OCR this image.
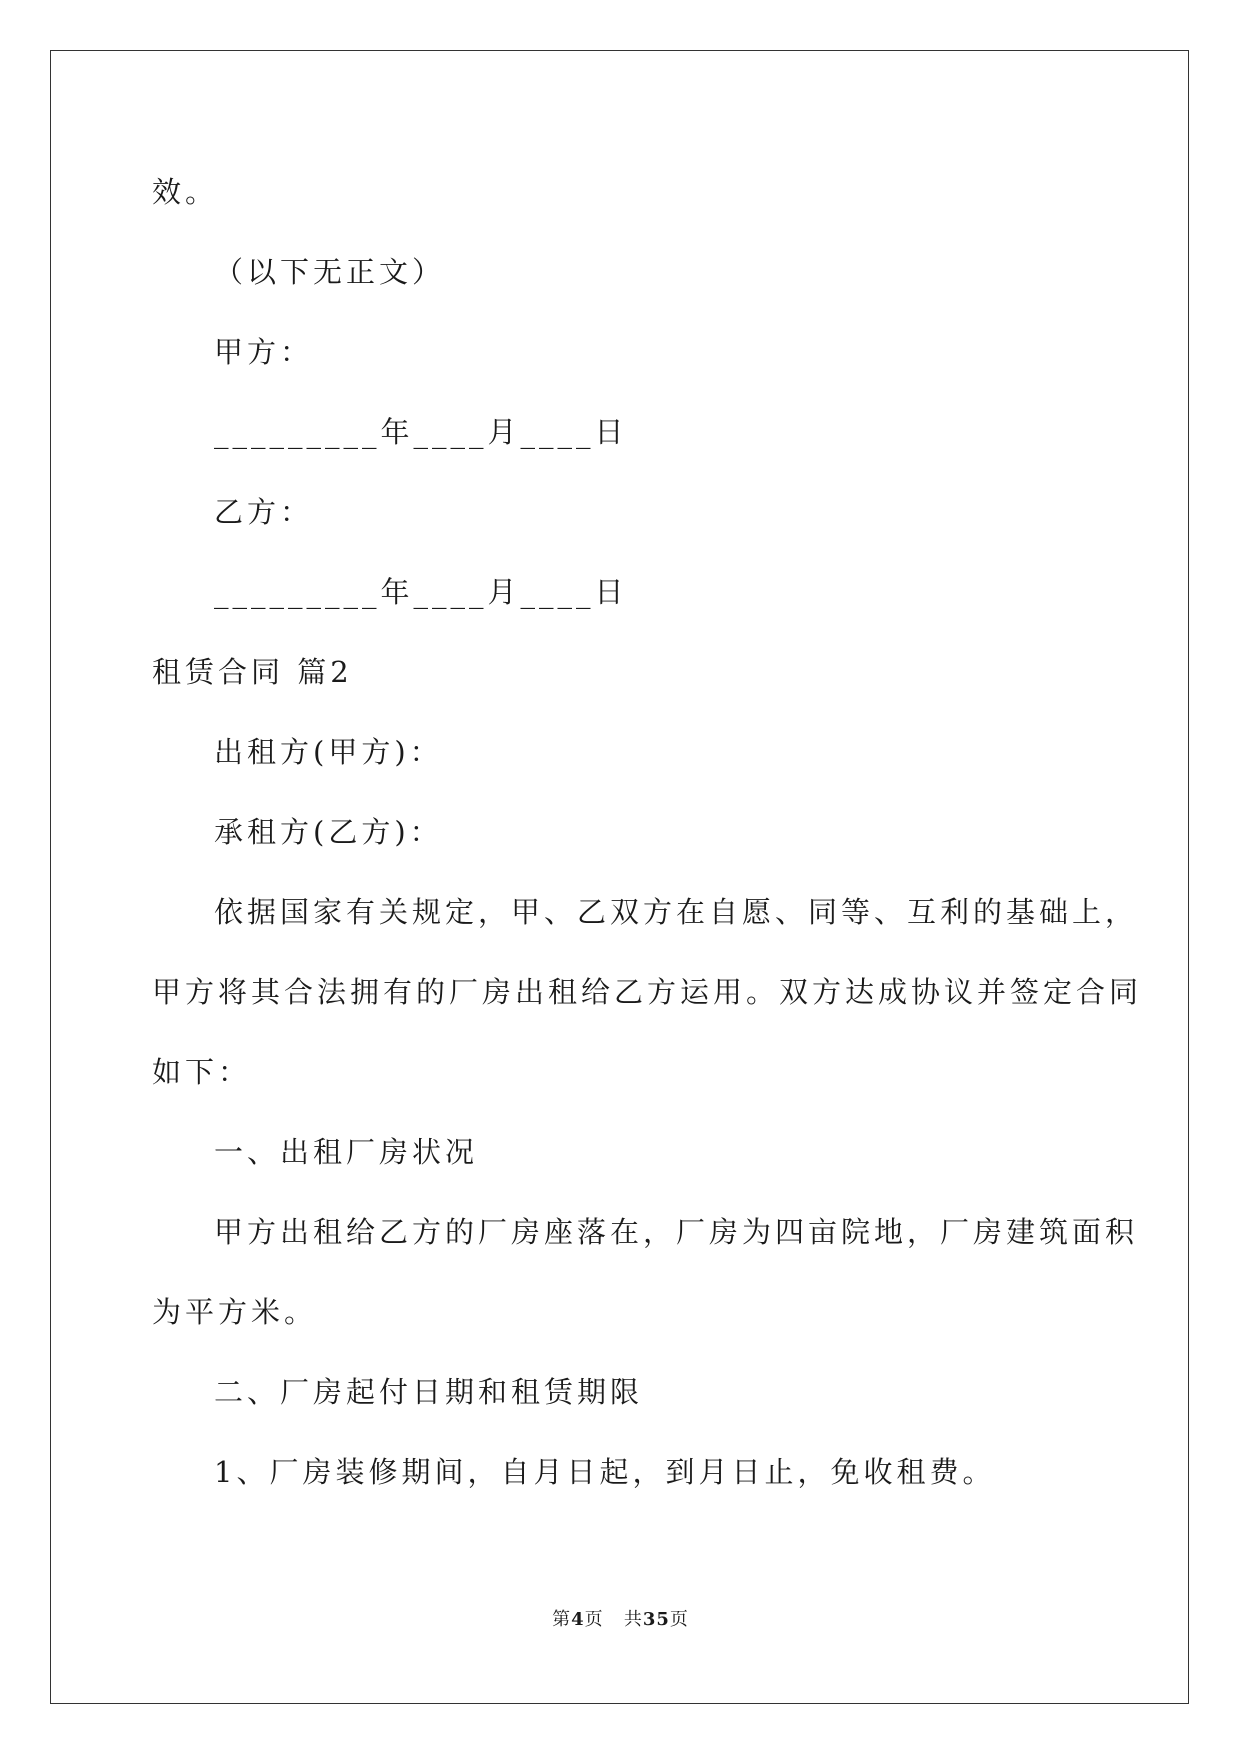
效。
（以下无正文）
甲方：
_________年____月____日
乙方：
_________年____月____日
租赁合同 篇2
出租方(甲方)：
承租方(乙方)：
依据国家有关规定，甲、乙双方在自愿、同等、互利的基础上，
甲方将其合法拥有的厂房出租给乙方运用。双方达成协议并签定合同
如下：
一、出租厂房状况
甲方出租给乙方的厂房座落在，厂房为四亩院地，厂房建筑面积
为平方米。
二、厂房起付日期和租赁期限
1、厂房装修期间，自月日起，到月日止，免收租费。
第4页 共35页
